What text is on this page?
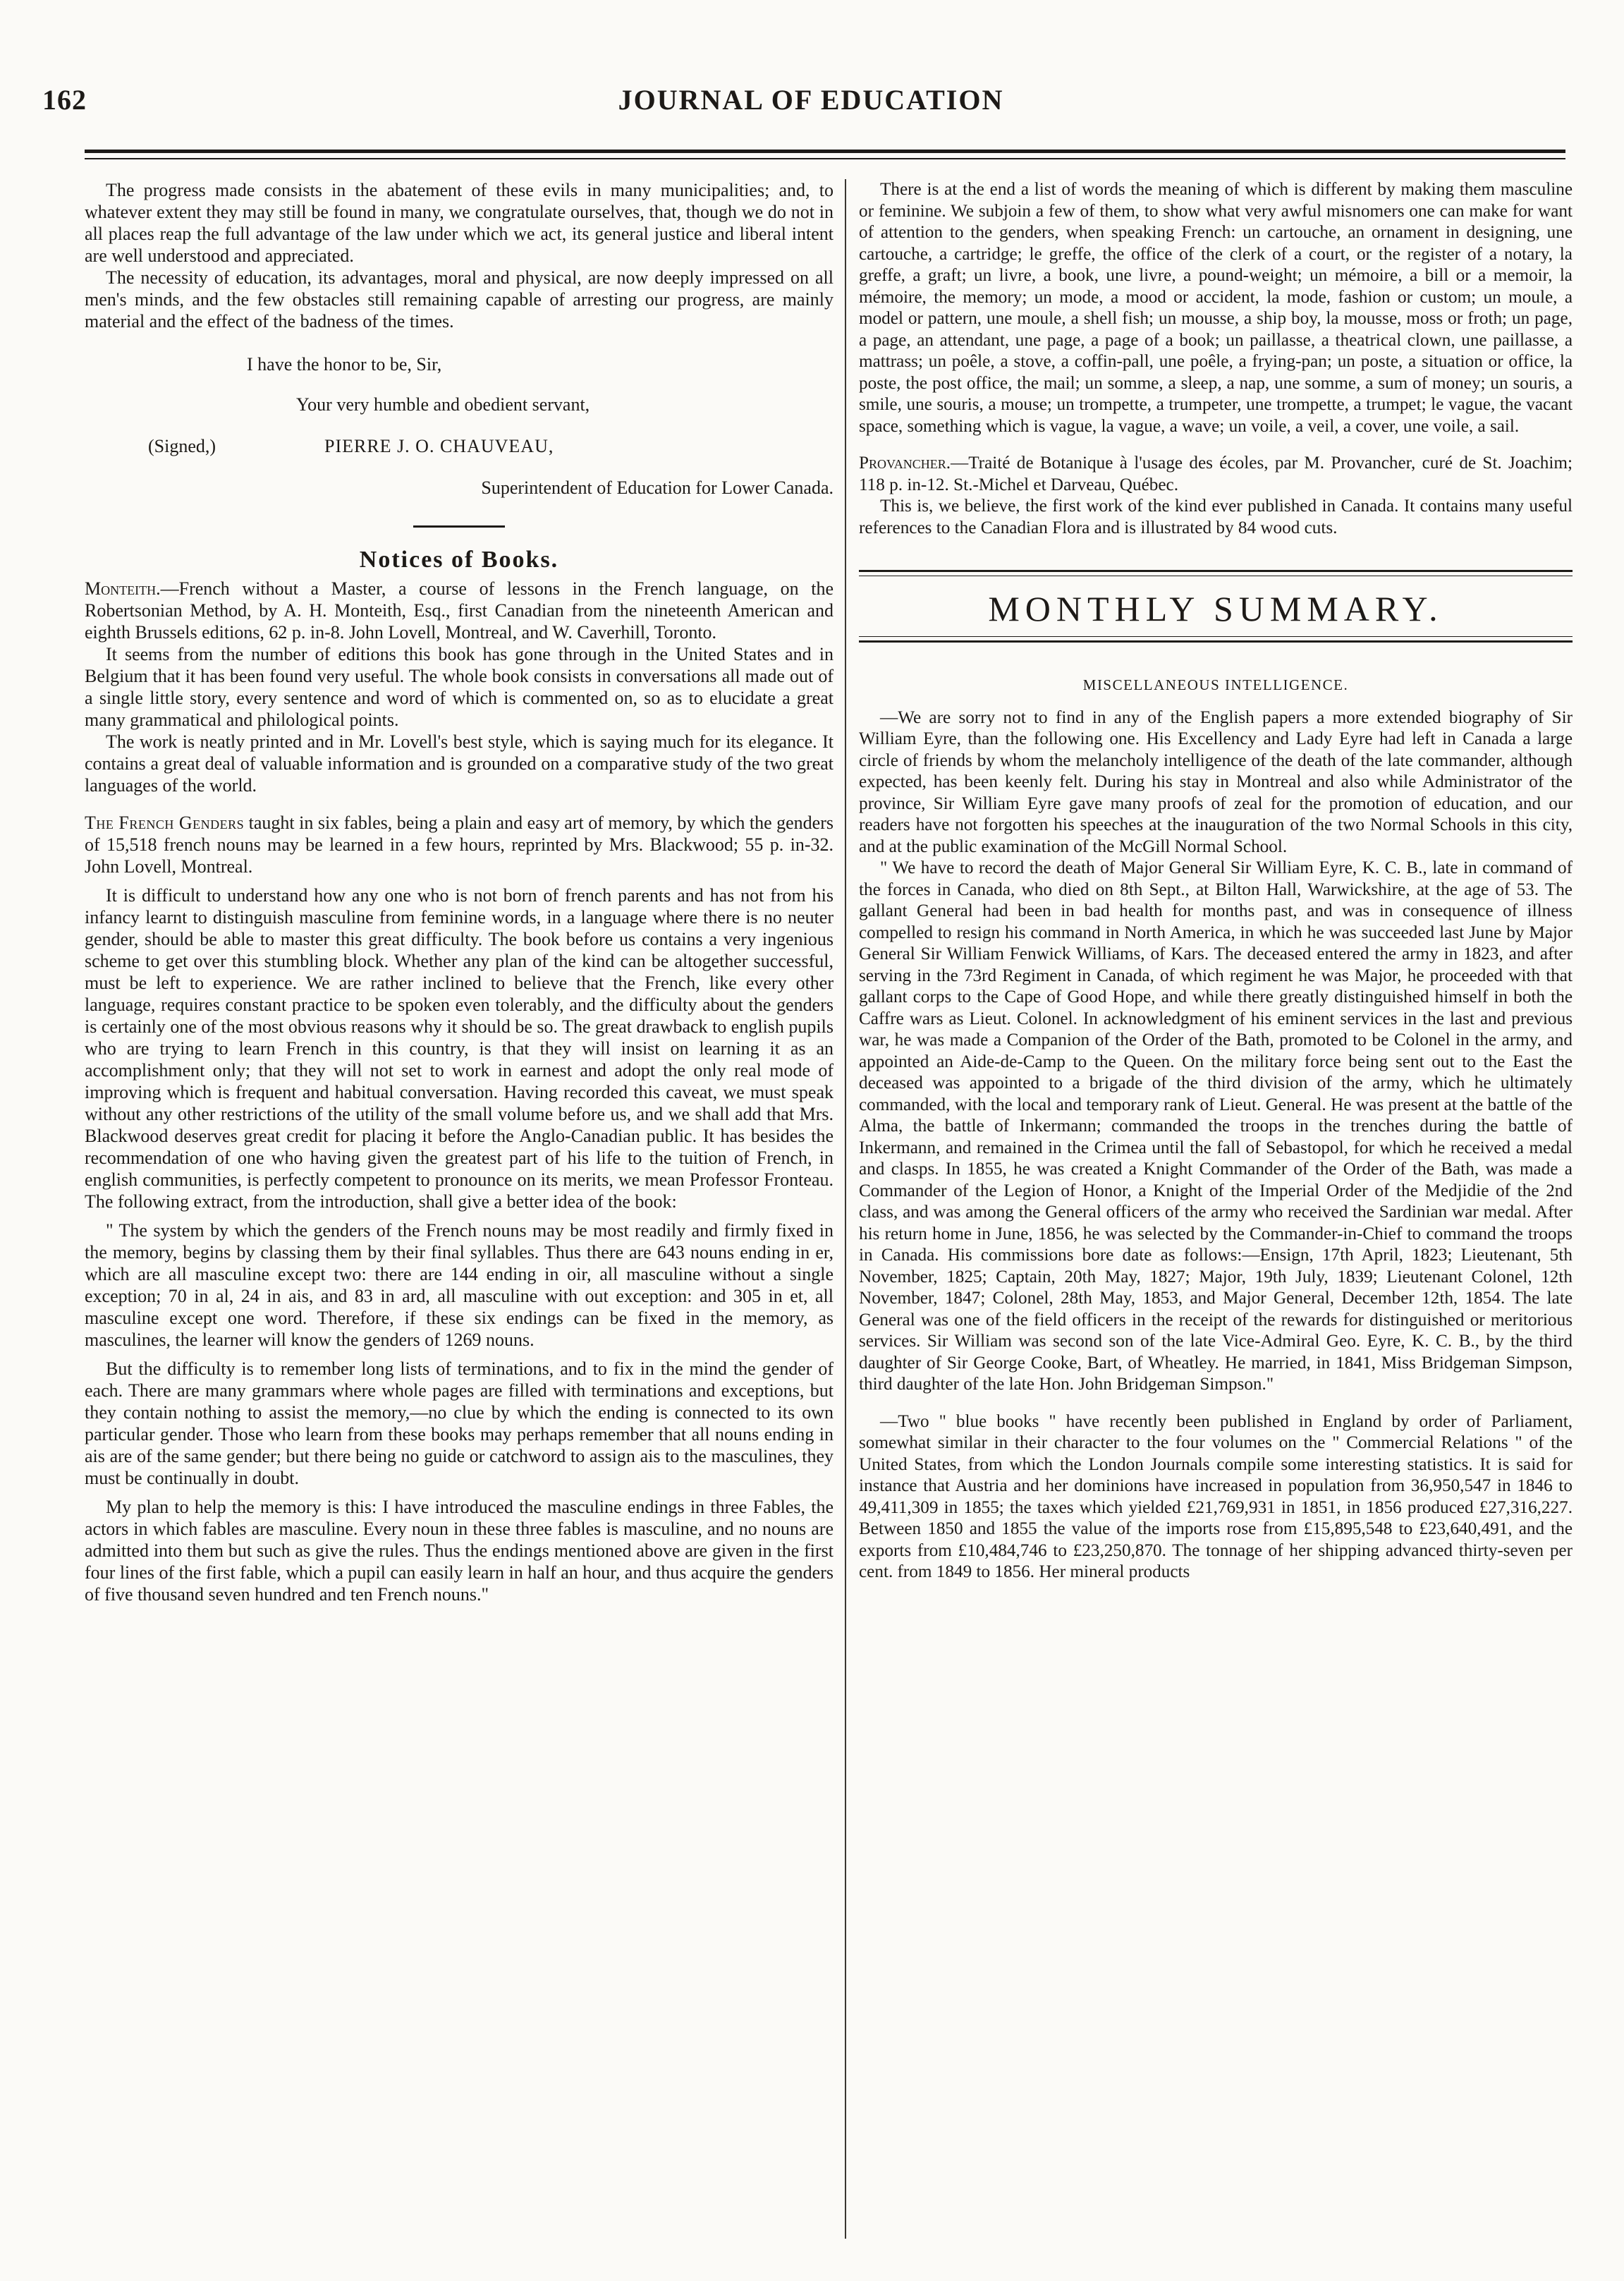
162	JOURNAL OF EDUCATION

The progress made consists in the abatement of these evils in many municipalities; and, to whatever extent they may still be found in many, we congratulate ourselves, that, though we do not in all places reap the full advantage of the law under which we act, its general justice and liberal intent are well understood and appreciated.

The necessity of education, its advantages, moral and physical, are now deeply impressed on all men's minds, and the few obstacles still remaining capable of arresting our progress, are mainly material and the effect of the badness of the times.

I have the honor to be, Sir,

Your very humble and obedient servant,

(Signed,)	PIERRE J. O. CHAUVEAU,

Superintendent of Education for Lower Canada.

Notices of Books.

Monteith.—French without a Master, a course of lessons in the French language, on the Robertsonian Method, by A. H. Monteith, Esq., first Canadian from the nineteenth American and eighth Brussels editions, 62 p. in-8. John Lovell, Montreal, and W. Caverhill, Toronto.

It seems from the number of editions this book has gone through in the United States and in Belgium that it has been found very useful. The whole book consists in conversations all made out of a single little story, every sentence and word of which is commented on, so as to elucidate a great many grammatical and philological points.

The work is neatly printed and in Mr. Lovell's best style, which is saying much for its elegance. It contains a great deal of valuable information and is grounded on a comparative study of the two great languages of the world.

The French Genders taught in six fables, being a plain and easy art of memory, by which the genders of 15,518 french nouns may be learned in a few hours, reprinted by Mrs. Blackwood; 55 p. in-32. John Lovell, Montreal.

It is difficult to understand how any one who is not born of french parents and has not from his infancy learnt to distinguish masculine from feminine words, in a language where there is no neuter gender, should be able to master this great difficulty. The book before us contains a very ingenious scheme to get over this stumbling block. Whether any plan of the kind can be altogether successful, must be left to experience. We are rather inclined to believe that the French, like every other language, requires constant practice to be spoken even tolerably, and the difficulty about the genders is certainly one of the most obvious reasons why it should be so. The great drawback to english pupils who are trying to learn French in this country, is that they will insist on learning it as an accomplishment only; that they will not set to work in earnest and adopt the only real mode of improving which is frequent and habitual conversation. Having recorded this caveat, we must speak without any other restrictions of the utility of the small volume before us, and we shall add that Mrs. Blackwood deserves great credit for placing it before the Anglo-Canadian public. It has besides the recommendation of one who having given the greatest part of his life to the tuition of French, in english communities, is perfectly competent to pronounce on its merits, we mean Professor Fronteau. The following extract, from the introduction, shall give a better idea of the book:

" The system by which the genders of the French nouns may be most readily and firmly fixed in the memory, begins by classing them by their final syllables. Thus there are 643 nouns ending in er, which are all masculine except two: there are 144 ending in oir, all masculine without a single exception; 70 in al, 24 in ais, and 83 in ard, all masculine with out exception: and 305 in et, all masculine except one word. Therefore, if these six endings can be fixed in the memory, as masculines, the learner will know the genders of 1269 nouns.

But the difficulty is to remember long lists of terminations, and to fix in the mind the gender of each. There are many grammars where whole pages are filled with terminations and exceptions, but they contain nothing to assist the memory,—no clue by which the ending is connected to its own particular gender. Those who learn from these books may perhaps remember that all nouns ending in ais are of the same gender; but there being no guide or catchword to assign ais to the masculines, they must be continually in doubt.

My plan to help the memory is this: I have introduced the masculine endings in three Fables, the actors in which fables are masculine. Every noun in these three fables is masculine, and no nouns are admitted into them but such as give the rules. Thus the endings mentioned above are given in the first four lines of the first fable, which a pupil can easily learn in half an hour, and thus acquire the genders of five thousand seven hundred and ten French nouns."

There is at the end a list of words the meaning of which is different by making them masculine or feminine. We subjoin a few of them, to show what very awful misnomers one can make for want of attention to the genders, when speaking French: un cartouche, an ornament in designing, une cartouche, a cartridge; le greffe, the office of the clerk of a court, or the register of a notary, la greffe, a graft; un livre, a book, une livre, a pound-weight; un mémoire, a bill or a memoir, la mémoire, the memory; un mode, a mood or accident, la mode, fashion or custom; un moule, a model or pattern, une moule, a shell fish; un mousse, a ship boy, la mousse, moss or froth; un page, a page, an attendant, une page, a page of a book; un paillasse, a theatrical clown, une paillasse, a mattrass; un poêle, a stove, a coffin-pall, une poêle, a frying-pan; un poste, a situation or office, la poste, the post office, the mail; un somme, a sleep, a nap, une somme, a sum of money; un souris, a smile, une souris, a mouse; un trompette, a trumpeter, une trompette, a trumpet; le vague, the vacant space, something which is vague, la vague, a wave; un voile, a veil, a cover, une voile, a sail.

Provancher.—Traité de Botanique à l'usage des écoles, par M. Provancher, curé de St. Joachim; 118 p. in-12. St.-Michel et Darveau, Québec.

This is, we believe, the first work of the kind ever published in Canada. It contains many useful references to the Canadian Flora and is illustrated by 84 wood cuts.

MONTHLY SUMMARY.
MISCELLANEOUS INTELLIGENCE.

—We are sorry not to find in any of the English papers a more extended biography of Sir William Eyre, than the following one. His Excellency and Lady Eyre had left in Canada a large circle of friends by whom the melancholy intelligence of the death of the late commander, although expected, has been keenly felt. During his stay in Montreal and also while Administrator of the province, Sir William Eyre gave many proofs of zeal for the promotion of education, and our readers have not forgotten his speeches at the inauguration of the two Normal Schools in this city, and at the public examination of the McGill Normal School.

" We have to record the death of Major General Sir William Eyre, K. C. B., late in command of the forces in Canada, who died on 8th Sept., at Bilton Hall, Warwickshire, at the age of 53. The gallant General had been in bad health for months past, and was in consequence of illness compelled to resign his command in North America, in which he was succeeded last June by Major General Sir William Fenwick Williams, of Kars. The deceased entered the army in 1823, and after serving in the 73rd Regiment in Canada, of which regiment he was Major, he proceeded with that gallant corps to the Cape of Good Hope, and while there greatly distinguished himself in both the Caffre wars as Lieut. Colonel. In acknowledgment of his eminent services in the last and previous war, he was made a Companion of the Order of the Bath, promoted to be Colonel in the army, and appointed an Aide-de-Camp to the Queen. On the military force being sent out to the East the deceased was appointed to a brigade of the third division of the army, which he ultimately commanded, with the local and temporary rank of Lieut. General. He was present at the battle of the Alma, the battle of Inkermann; commanded the troops in the trenches during the battle of Inkermann, and remained in the Crimea until the fall of Sebastopol, for which he received a medal and clasps. In 1855, he was created a Knight Commander of the Order of the Bath, was made a Commander of the Legion of Honor, a Knight of the Imperial Order of the Medjidie of the 2nd class, and was among the General officers of the army who received the Sardinian war medal. After his return home in June, 1856, he was selected by the Commander-in-Chief to command the troops in Canada. His commissions bore date as follows:—Ensign, 17th April, 1823; Lieutenant, 5th November, 1825; Captain, 20th May, 1827; Major, 19th July, 1839; Lieutenant Colonel, 12th November, 1847; Colonel, 28th May, 1853, and Major General, December 12th, 1854. The late General was one of the field officers in the receipt of the rewards for distinguished or meritorious services. Sir William was second son of the late Vice-Admiral Geo. Eyre, K. C. B., by the third daughter of Sir George Cooke, Bart, of Wheatley. He married, in 1841, Miss Bridgeman Simpson, third daughter of the late Hon. John Bridgeman Simpson."

—Two " blue books " have recently been published in England by order of Parliament, somewhat similar in their character to the four volumes on the " Commercial Relations " of the United States, from which the London Journals compile some interesting statistics. It is said for instance that Austria and her dominions have increased in population from 36,950,547 in 1846 to 49,411,309 in 1855; the taxes which yielded £21,769,931 in 1851, in 1856 produced £27,316,227. Between 1850 and 1855 the value of the imports rose from £15,895,548 to £23,640,491, and the exports from £10,484,746 to £23,250,870. The tonnage of her shipping advanced thirty-seven per cent. from 1849 to 1856. Her mineral products
